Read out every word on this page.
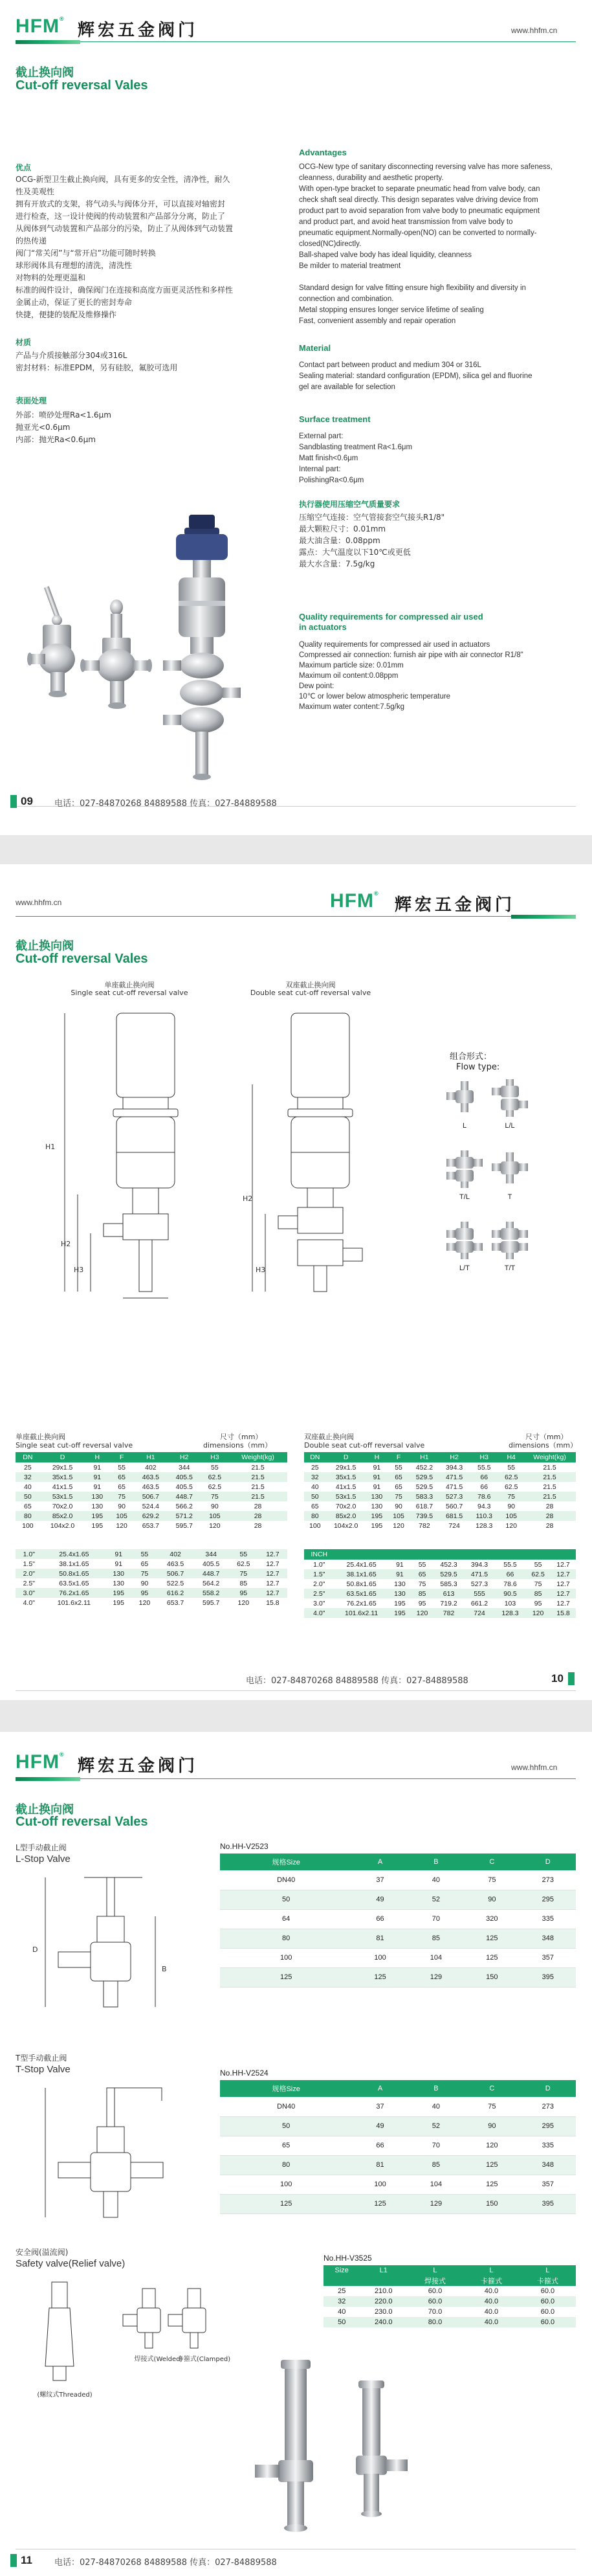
HFM®
辉宏五金阀门	www.hhfm.cn
截止换向阀
Cut-off reversal Vales
优点
OCG-新型卫生截止换向阀，具有更多的安全性，清净性，耐久
性及美观性
拥有开放式的支架，将气动头与阀体分开，可以直接对轴密封
进行检查，这一设计使阀的传动装置和产品部分分离，防止了
从阀体到气动装置和产品部分的污染，防止了从阀体到气动装置
的热传递
阀门“常关闭”与“常开启”功能可随时转换
球形阀体具有理想的清洗，清洗性
对物料的处理更温和
标准的阀件设计，确保阀门在连接和高度方面更灵活性和多样性
金属止动，保证了更长的密封寿命
快捷，便捷的装配及维修操作
材质
产品与介质接触部分304或316L
密封材料：标准EPDM，另有硅胶，氟胶可选用
表面处理
外部：喷砂处理Ra<1.6μm
抛亚光<0.6μm
内部：抛光Ra<0.6μm
Advantages
OCG-New type of sanitary disconnecting reversing valve has more safeness,
cleanness, durability and aesthetic property.
With open-type bracket to separate pneumatic head from valve body, can
check shaft seal directly. This design separates valve driving device from
product part to avoid separation from valve body to pneumatic equipment
and product part, and avoid heat transmission from valve body to
pneumatic equipment.Normally-open(NO) can be converted to normally-
closed(NC)directly.
Ball-shaped valve body has ideal liquidity, cleanness
Be milder to material treatment

Standard design for valve fitting ensure high flexibility and diversity in
connection and combination.
Metal stopping ensures longer service lifetime of sealing
Fast, convenient assembly and repair operation
Material
Contact part between product and medium 304 or 316L
Sealing material: standard configuration (EPDM), silica gel and fluorine
gel are available for selection
Surface treatment
External part:
Sandblasting treatment Ra<1.6μm
Matt finish<0.6μm
Internal part:
PolishingRa<0.6μm
执行器使用压缩空气质量要求
压缩空气连接：空气管接套空气接头R1/8"
最大颗粒尺寸：0.01mm
最大油含量：0.08ppm
露点：大气温度以下10℃或更低
最大水含量：7.5g/kg
Quality requirements for compressed air used
in actuators
Quality requirements for compressed air used in actuators
Compressed air connection: furnish air pipe with air connector R1/8"
Maximum particle size: 0.01mm
Maximum oil content:0.08ppm
Dew point:
10℃ or lower below atmospheric temperature
Maximum water content:7.5g/kg
09	电话：027-84870268 84889588 传真：027-84889588
www.hhfm.cn	HFM®
辉宏五金阀门
截止换向阀
Cut-off reversal Vales
单座截止换向阀
Single seat cut-off reversal valve
双座截止换向阀
Double seat cut-off reversal valve
H1
H2
H3
H2
H3
组合形式：
Flow type:
L	L/L
T/L	T
L/T	T/T
单座截止换向阀
Single seat cut-off reversal valve
尺寸（mm）
dimensions（mm）
双座截止换向阀
Double seat cut-off reversal valve
尺寸（mm）
dimensions（mm）
DN	D	H	F	H1	H2	H3	Weight(kg)
25	29x1.5	91	55	402	344	55	21.5
32	35x1.5	91	65	463.5	405.5	62.5	21.5
40	41x1.5	91	65	463.5	405.5	62.5	21.5
50	53x1.5	130	75	506.7	448.7	75	21.5
65	70x2.0	130	90	524.4	566.2	90	28
80	85x2.0	195	105	629.2	571.2	105	28
100	104x2.0	195	120	653.7	595.7	120	28
1.0"	25.4x1.65	91	55	402	344	55	12.7
1.5"	38.1x1.65	91	65	463.5	405.5	62.5	12.7
2.0"	50.8x1.65	130	75	506.7	448.7	75	12.7
2.5"	63.5x1.65	130	90	522.5	564.2	85	12.7
3.0"	76.2x1.65	195	95	616.2	558.2	95	12.7
4.0"	101.6x2.11	195	120	653.7	595.7	120	15.8
DN	D	H	F	H1	H2	H3	H4	Weight(kg)
25	29x1.5	91	55	452.2	394.3	55.5	55	21.5
32	35x1.5	91	65	529.5	471.5	66	62.5	21.5
40	41x1.5	91	65	529.5	471.5	66	62.5	21.5
50	53x1.5	130	75	583.3	527.3	78.6	75	21.5
65	70x2.0	130	90	618.7	560.7	94.3	90	28
80	85x2.0	195	105	739.5	681.5	110.3	105	28
100	104x2.0	195	120	782	724	128.3	120	28
INCH								
1.0"	25.4x1.65	91	55	452.3	394.3	55.5	55	12.7
1.5"	38.1x1.65	91	65	529.5	471.5	66	62.5	12.7
2.0"	50.8x1.65	130	75	585.3	527.3	78.6	75	12.7
2.5"	63.5x1.65	130	85	613	555	90.5	85	12.7
3.0"	76.2x1.65	195	95	719.2	661.2	103	95	12.7
4.0"	101.6x2.11	195	120	782	724	128.3	120	15.8
电话：027-84870268 84889588 传真：027-84889588	10
HFM®
辉宏五金阀门	www.hhfm.cn
截止换向阀
Cut-off reversal Vales
L型手动截止阀
L-Stop Valve
D
B
No.HH-V2523
规格Size	A	B	C	D
DN40	37	40	75	273
50	49	52	90	295
64	66	70	320	335
80	81	85	125	348
100	100	104	125	357
125	125	129	150	395
T型手动截止阀
T-Stop Valve	No.HH-V2524
规格Size	A	B	C	D
DN40	37	40	75	273
50	49	52	90	295
65	66	70	120	335
80	81	85	125	348
100	100	104	125	357
125	125	129	150	395
安全阀(溢流阀)
Safety valve(Relief valve)
焊接式(Welded)
卡箍式(Clamped)
(螺纹式Threaded)
No.HH-V3525
Size	L1	L	L	L
		焊接式	卡箍式	卡箍式
25	210.0	60.0	40.0	60.0
32	220.0	60.0	40.0	60.0
40	230.0	70.0	40.0	60.0
50	240.0	80.0	40.0	60.0
11	电话：027-84870268 84889588 传真：027-84889588
